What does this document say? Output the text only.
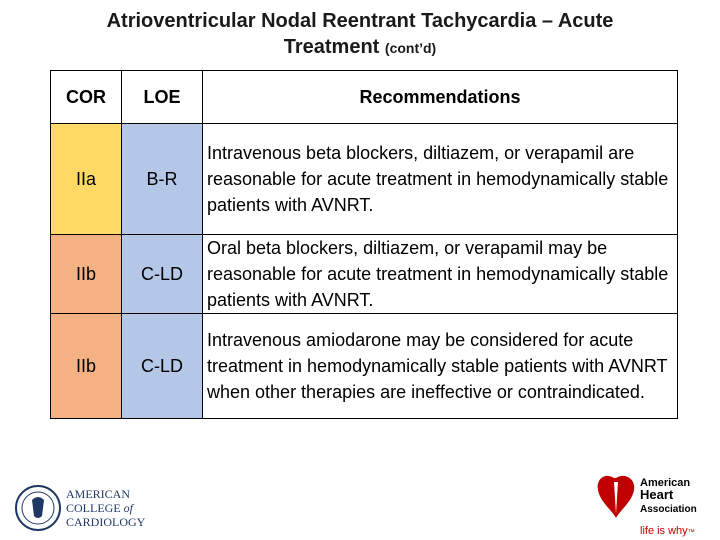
Atrioventricular Nodal Reentrant Tachycardia – Acute
Treatment (cont’d)
COR	LOE	Recommendations
IIa	B-R	Intravenous beta blockers, diltiazem, or verapamil are reasonable for acute treatment in hemodynamically stable patients with AVNRT.
IIb	C-LD	Oral beta blockers, diltiazem, or verapamil may be reasonable for acute treatment in hemodynamically stable patients with AVNRT.
IIb	C-LD	Intravenous amiodarone may be considered for acute treatment in hemodynamically stable patients with AVNRT when other therapies are ineffective or contraindicated.
AMERICAN
COLLEGE of
CARDIOLOGY
American
Heart
Association
life is why™
